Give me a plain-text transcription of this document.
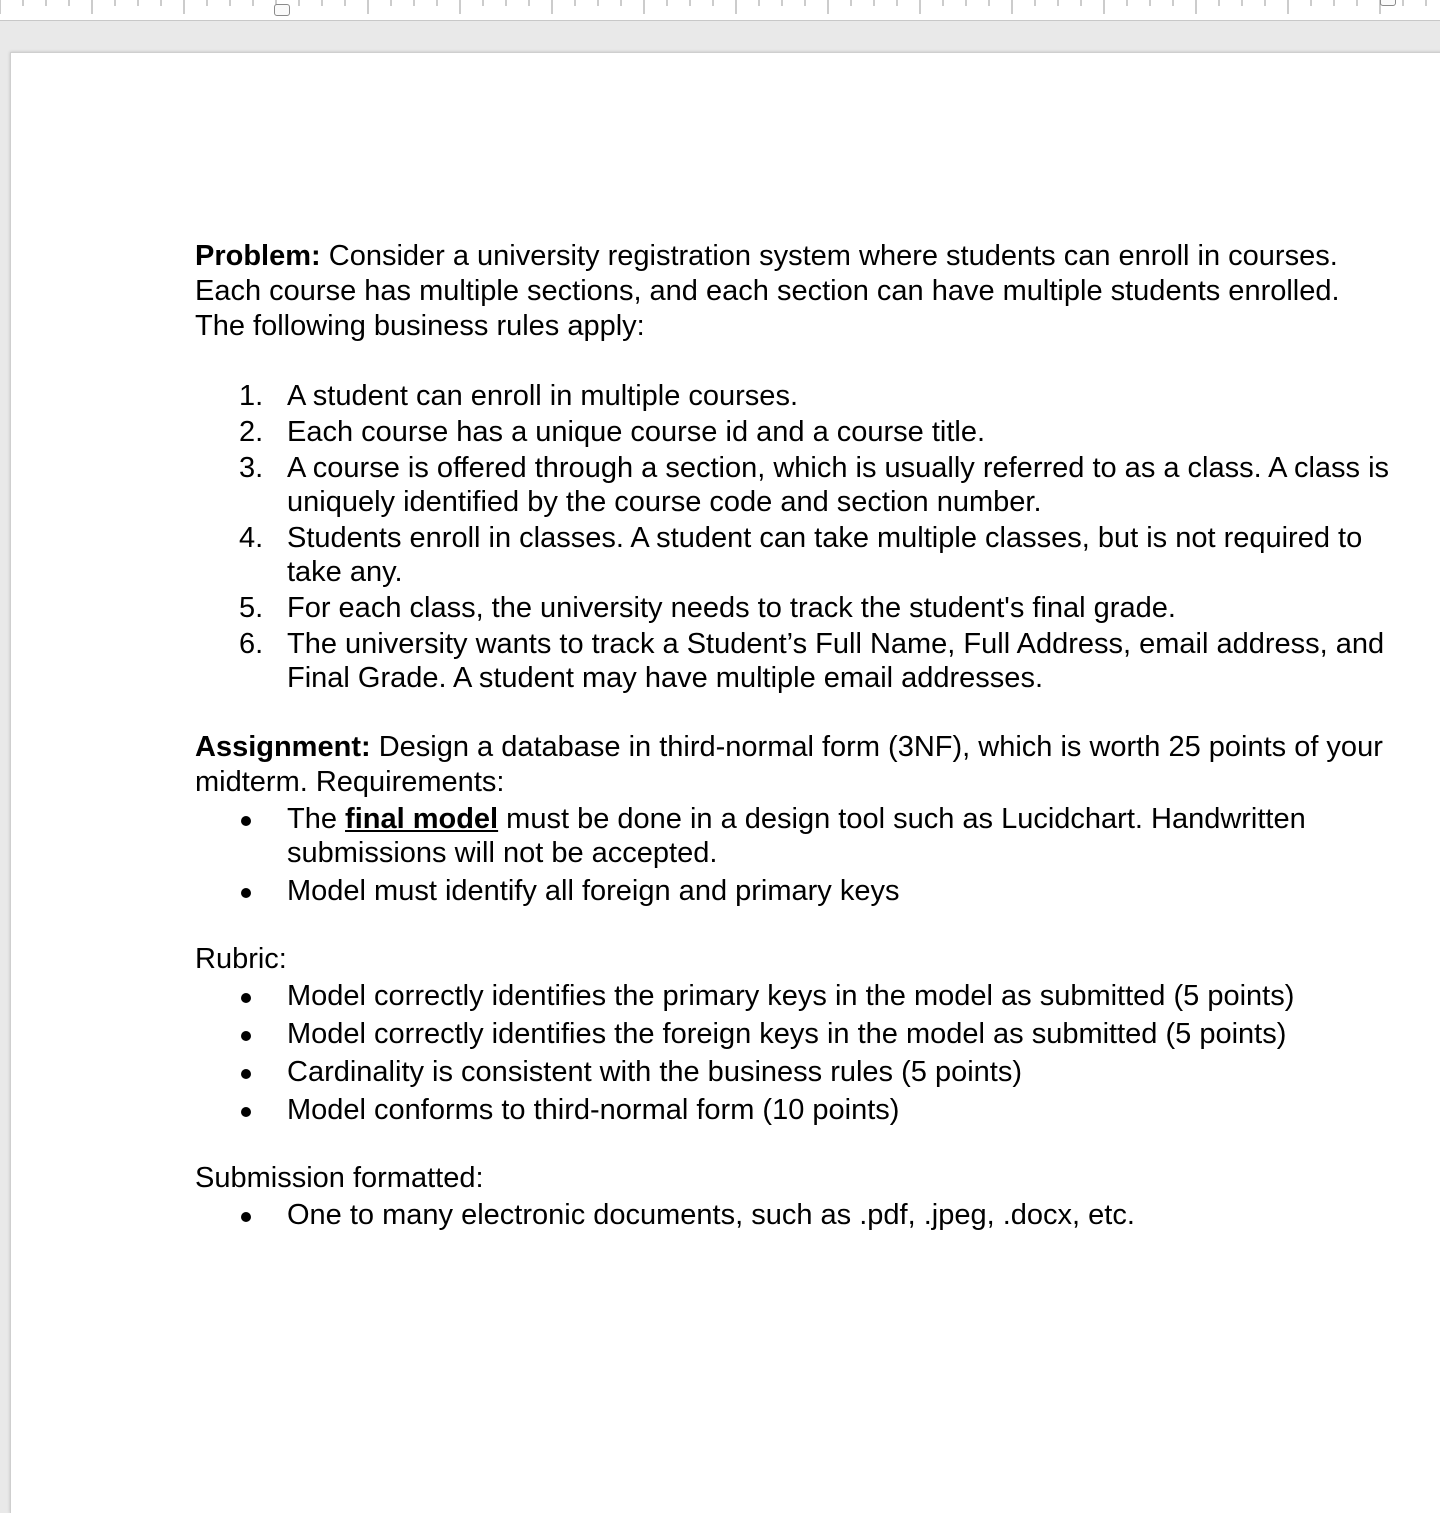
Problem: Consider a university registration system where students can enroll in courses. Each course has multiple sections, and each section can have multiple students enrolled. The following business rules apply:

1. A student can enroll in multiple courses.
2. Each course has a unique course id and a course title.
3. A course is offered through a section, which is usually referred to as a class. A class is uniquely identified by the course code and section number.
4. Students enroll in classes. A student can take multiple classes, but is not required to take any.
5. For each class, the university needs to track the student's final grade.
6. The university wants to track a Student’s Full Name, Full Address, email address, and Final Grade. A student may have multiple email addresses.

Assignment: Design a database in third-normal form (3NF), which is worth 25 points of your midterm. Requirements:

The final model must be done in a design tool such as Lucidchart. Handwritten submissions will not be accepted.
Model must identify all foreign and primary keys

Rubric:

Model correctly identifies the primary keys in the model as submitted (5 points)
Model correctly identifies the foreign keys in the model as submitted (5 points)
Cardinality is consistent with the business rules (5 points)
Model conforms to third-normal form (10 points)

Submission formatted:

One to many electronic documents, such as .pdf, .jpeg, .docx, etc.
